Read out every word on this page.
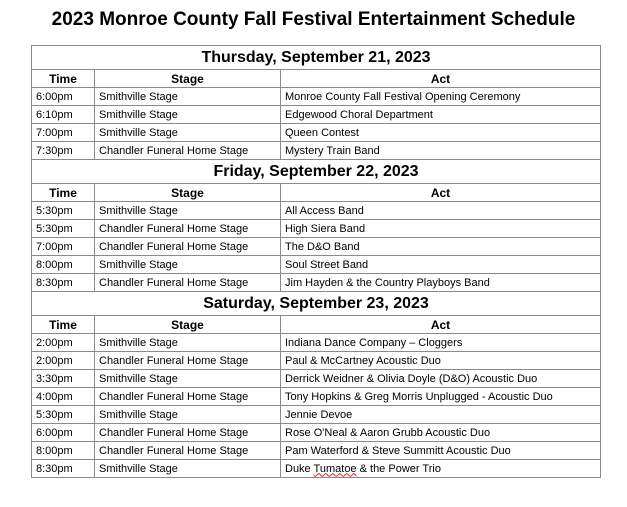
2023 Monroe County Fall Festival Entertainment Schedule
Thursday, September 21, 2023		
Time	Stage	Act
6:00pm	Smithville Stage	Monroe County Fall Festival Opening Ceremony
6:10pm	Smithville Stage	Edgewood Choral Department
7:00pm	Smithville Stage	Queen Contest
7:30pm	Chandler Funeral Home Stage	Mystery Train Band
Friday, September 22, 2023		
Time	Stage	Act
5:30pm	Smithville Stage	All Access Band
5:30pm	Chandler Funeral Home Stage	High Siera Band
7:00pm	Chandler Funeral Home Stage	The D&O Band
8:00pm	Smithville Stage	Soul Street Band
8:30pm	Chandler Funeral Home Stage	Jim Hayden & the Country Playboys Band
Saturday, September 23, 2023		
Time	Stage	Act
2:00pm	Smithville Stage	Indiana Dance Company – Cloggers
2:00pm	Chandler Funeral Home Stage	Paul & McCartney Acoustic Duo
3:30pm	Smithville Stage	Derrick Weidner & Olivia Doyle (D&O) Acoustic Duo
4:00pm	Chandler Funeral Home Stage	Tony Hopkins & Greg Morris Unplugged - Acoustic Duo
5:30pm	Smithville Stage	Jennie Devoe
6:00pm	Chandler Funeral Home Stage	Rose O'Neal & Aaron Grubb Acoustic Duo
8:00pm	Chandler Funeral Home Stage	Pam Waterford & Steve Summitt Acoustic Duo
8:30pm	Smithville Stage	Duke Tumatoe & the Power Trio
